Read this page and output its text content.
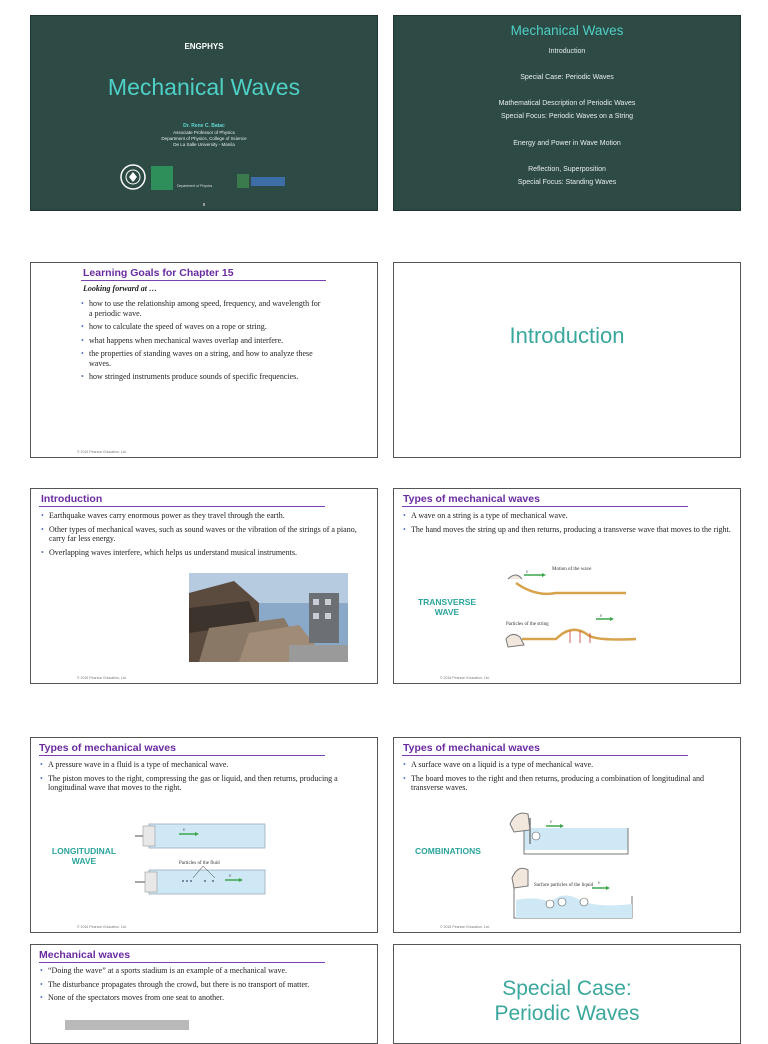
ENGPHYS
Mechanical Waves
Dr. Rene C. Batac
Associate Professor of Physics
Department of Physics, College of Science
De La Salle University - Manila
Department of Physics
Mechanical Waves
Introduction
Special Case: Periodic Waves
Mathematical Description of Periodic Waves
Special Focus: Periodic Waves on a String
Energy and Power in Wave Motion
Reflection, Superposition
Special Focus: Standing Waves
Learning Goals for Chapter 15
Looking forward at …
• how to use the relationship among speed, frequency, and wavelength for a periodic wave.
• how to calculate the speed of waves on a rope or string.
• what happens when mechanical waves overlap and interfere.
• the properties of standing waves on a string, and how to analyze these waves.
• how stringed instruments produce sounds of specific frequencies.
© 2016 Pearson Education, Ltd.
Introduction
Introduction
• Earthquake waves carry enormous power as they travel through the earth.
• Other types of mechanical waves, such as sound waves or the vibration of the strings of a piano, carry far less energy.
• Overlapping waves interfere, which helps us understand musical instruments.
© 2016 Pearson Education, Ltd.
Types of mechanical waves
• A wave on a string is a type of mechanical wave.
• The hand moves the string up and then returns, producing a transverse wave that moves to the right.
TRANSVERSE WAVE
v
Motion of the wave
v
Particles of the string
© 2016 Pearson Education, Ltd.
Types of mechanical waves
• A pressure wave in a fluid is a type of mechanical wave.
• The piston moves to the right, compressing the gas or liquid, and then returns, producing a longitudinal wave that moves to the right.
LONGITUDINAL WAVE
v
Particles of the fluid
v
© 2016 Pearson Education, Ltd.
Types of mechanical waves
• A surface wave on a liquid is a type of mechanical wave.
• The board moves to the right and then returns, producing a combination of longitudinal and transverse waves.
COMBINATIONS
v
Surface particles of the liquid v
© 2016 Pearson Education, Ltd.
Mechanical waves
• “Doing the wave” at a sports stadium is an example of a mechanical wave.
• The disturbance propagates through the crowd, but there is no transport of matter.
• None of the spectators moves from one seat to another.	Special Case:
Periodic Waves
